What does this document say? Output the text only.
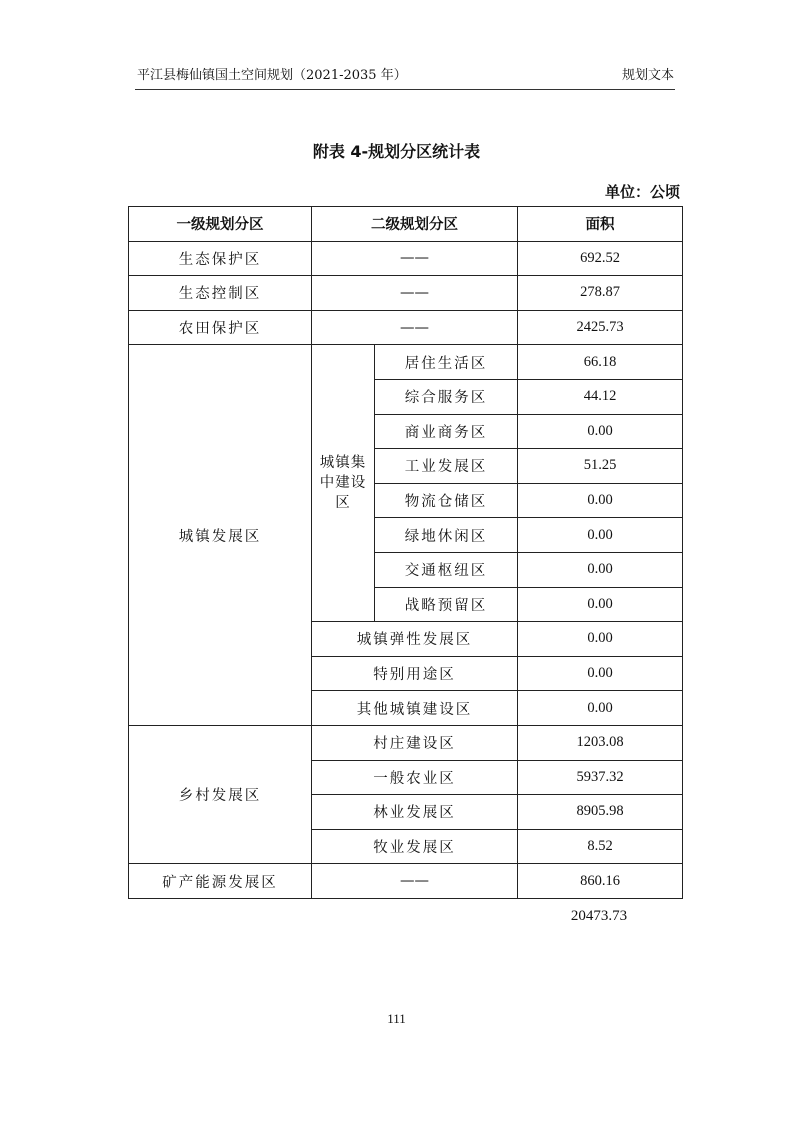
平江县梅仙镇国土空间规划（2021-2035 年）	规划文本
附表 4-规划分区统计表
单位：公顷
一级规划分区	二级规划分区		面积
生态保护区	——		692.52
生态控制区	——		278.87
农田保护区	——		2425.73
城镇发展区	城镇集
中建设
区	居住生活区	66.18
		综合服务区	44.12
		商业商务区	0.00
		工业发展区	51.25
		物流仓储区	0.00
		绿地休闲区	0.00
		交通枢纽区	0.00
		战略预留区	0.00
	城镇弹性发展区		0.00
	特别用途区		0.00
	其他城镇建设区		0.00
乡村发展区	村庄建设区		1203.08
	一般农业区		5937.32
	林业发展区		8905.98
	牧业发展区		8.52
矿产能源发展区	——		860.16
20473.73
111
